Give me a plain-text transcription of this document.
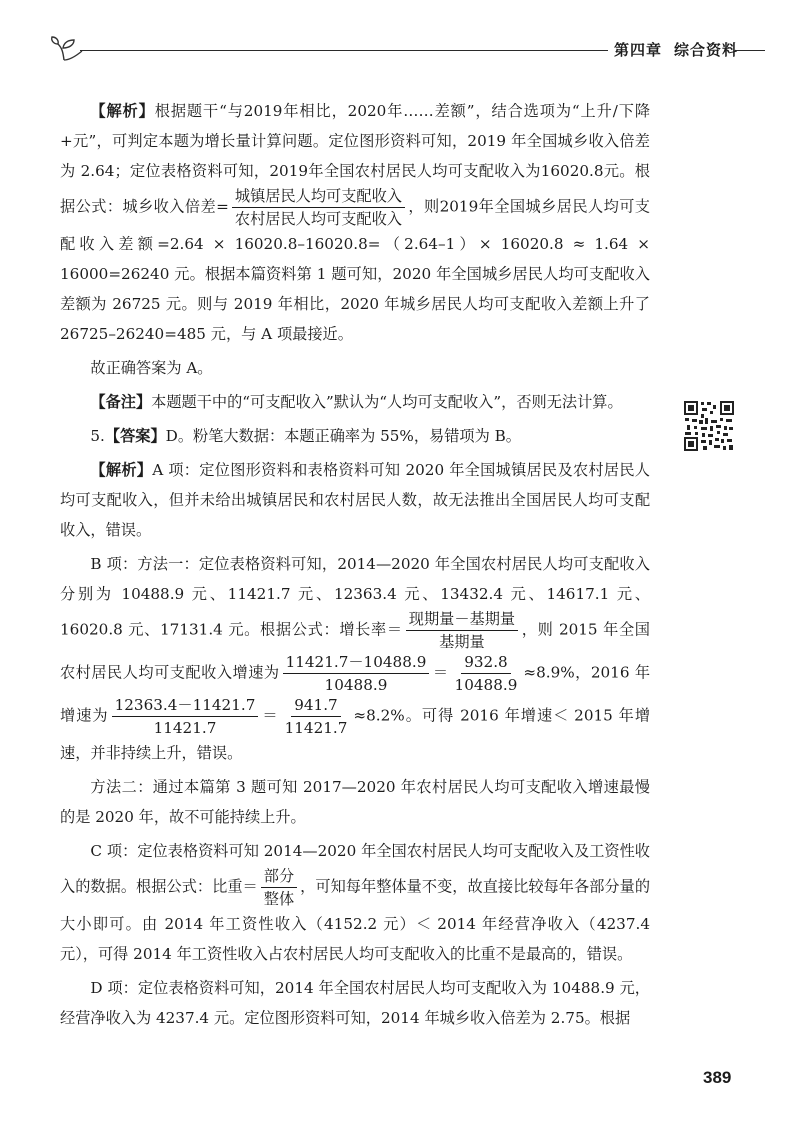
第四章 综合资料

【解析】根据题干“与2019年相比，2020年……差额”，结合选项为“上升/下降+元”，可判定本题为增长量计算问题。定位图形资料可知，2019 年全国城乡收入倍差为 2.64；定位表格资料可知，2019年全国农村居民人均可支配收入为16020.8元。根据公式：城乡收入倍差= $\frac{\text{城镇居民人均可支配收入}}{\text{农村居民人均可支配收入}}$ ，则2019年全国城乡居民人均可支配收入差额=2.64 × 16020.8–16020.8=（2.64–1）× 16020.8 ≈ 1.64 × 16000=26240 元。根据本篇资料第 1 题可知，2020 年全国城乡居民人均可支配收入差额为 26725 元。则与 2019 年相比，2020 年城乡居民人均可支配收入差额上升了 26725–26240=485 元，与 A 项最接近。

故正确答案为 A。

【备注】本题题干中的“可支配收入”默认为“人均可支配收入”，否则无法计算。

5.【答案】D。粉笔大数据：本题正确率为 55%，易错项为 B。

【解析】A 项：定位图形资料和表格资料可知 2020 年全国城镇居民及农村居民人均可支配收入，但并未给出城镇居民和农村居民人数，故无法推出全国居民人均可支配收入，错误。

B 项：方法一：定位表格资料可知，2014—2020 年全国农村居民人均可支配收入分别为 10488.9 元、11421.7 元、12363.4 元、13432.4 元、14617.1 元、16020.8 元、17131.4 元。根据公式：增长率＝ $\frac{\text{现期量－基期量}}{\text{基期量}}$ ，则 2015 年全国农村居民人均可支配收入增速为 $\frac{11421.7-10488.9}{10488.9} = \frac{932.8}{10488.9} \approx 8.9\%$，2016 年增速为 $\frac{12363.4-11421.7}{11421.7} = \frac{941.7}{11421.7} \approx 8.2\%$。可得 2016 年增速＜ 2015 年增速，并非持续上升，错误。

方法二：通过本篇第 3 题可知 2017—2020 年农村居民人均可支配收入增速最慢的是 2020 年，故不可能持续上升。

C 项：定位表格资料可知 2014—2020 年全国农村居民人均可支配收入及工资性收入的数据。根据公式：比重＝ $\frac{\text{部分}}{\text{整体}}$ ，可知每年整体量不变，故直接比较每年各部分量的大小即可。由 2014 年工资性收入（4152.2 元）＜ 2014 年经营净收入（4237.4 元），可得 2014 年工资性收入占农村居民人均可支配收入的比重不是最高的，错误。

D 项：定位表格资料可知，2014 年全国农村居民人均可支配收入为 10488.9 元，经营净收入为 4237.4 元。定位图形资料可知，2014 年城乡收入倍差为 2.75。根据

389
